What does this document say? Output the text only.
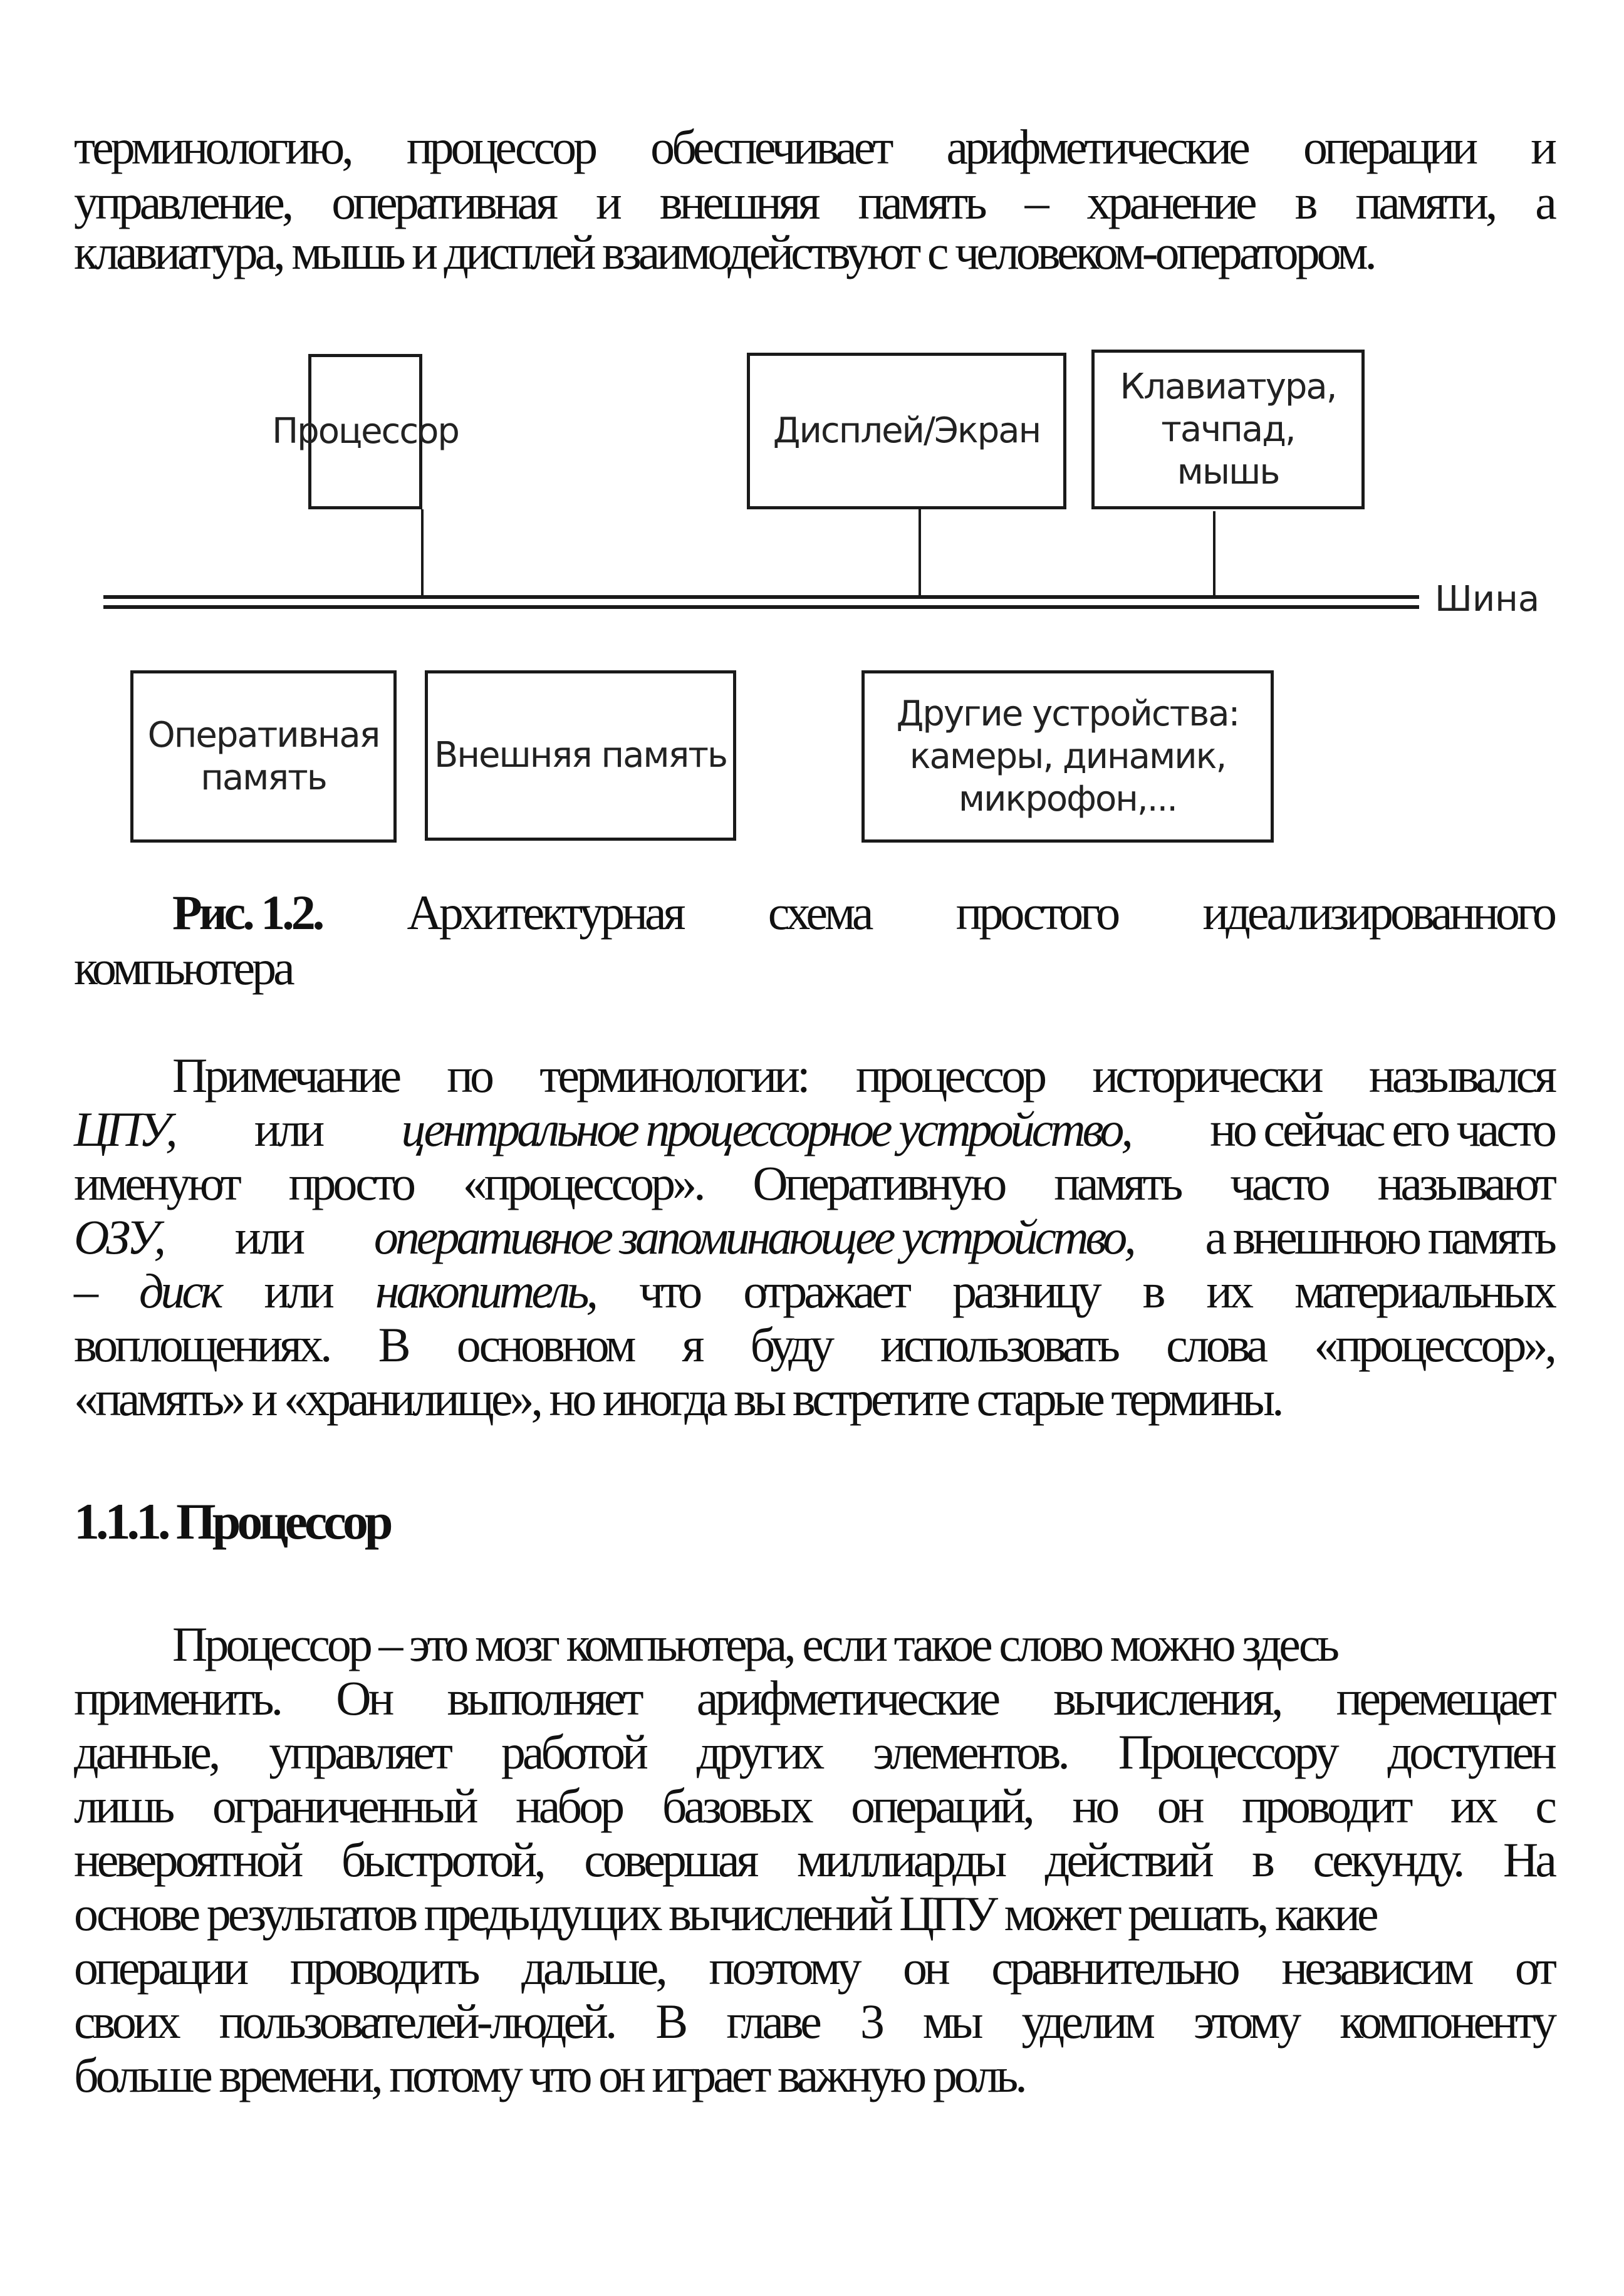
терминологию, процессор обеспечивает арифметические операции и
управление, оперативная и внешняя память – хранение в памяти, а
клавиатура, мышь и дисплей взаимодействуют с человеком-оператором.
Процессор	Дисплей/Экран
Клавиатура,
тачпад,
мышь
Шина
Оперативная
память
Внешняя память
Другие устройства:
камеры, динамик,
микрофон,...
Рис. 1.2. Архитектурная схема простого идеализированного
компьютера
Примечание по терминологии: процессор исторически назывался
ЦПУ, или центральное процессорное устройство, но сейчас его часто
именуют просто «процессор». Оперативную память часто называют
ОЗУ, или оперативное запоминающее устройство, а внешнюю память
– диск или накопитель, что отражает разницу в их материальных
воплощениях. В основном я буду использовать слова «процессор»,
«память» и «хранилище», но иногда вы встретите старые термины.
1.1.1. Процессор
Процессор – это мозг компьютера, если такое слово можно здесь
применить. Он выполняет арифметические вычисления, перемещает
данные, управляет работой других элементов. Процессору доступен
лишь ограниченный набор базовых операций, но он проводит их с
невероятной быстротой, совершая миллиарды действий в секунду. На
основе результатов предыдущих вычислений ЦПУ может решать, какие
операции проводить дальше, поэтому он сравнительно независим от
своих пользователей-людей. В главе 3 мы уделим этому компоненту
больше времени, потому что он играет важную роль.
